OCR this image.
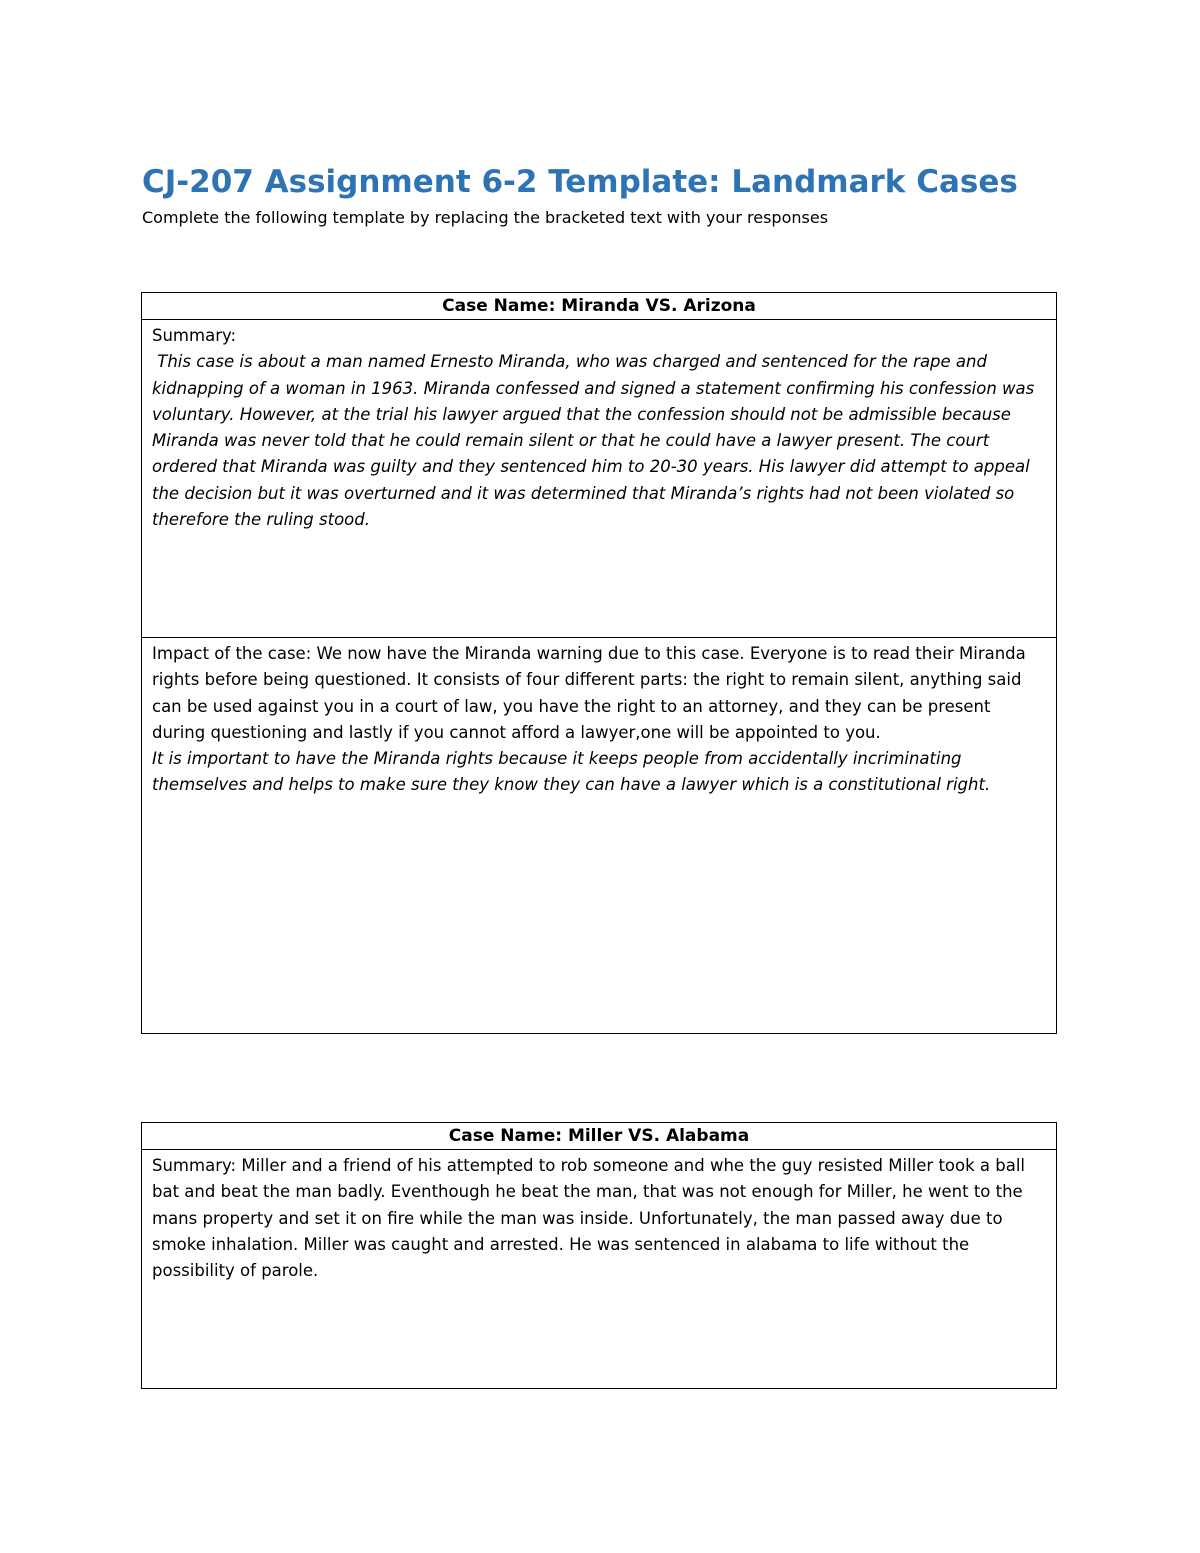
CJ-207 Assignment 6-2 Template: Landmark Cases

Complete the following template by replacing the bracketed text with your responses

Case Name: Miranda VS. Arizona

Summary:

This case is about a man named Ernesto Miranda, who was charged and sentenced for the rape and kidnapping of a woman in 1963. Miranda confessed and signed a statement confirming his confession was voluntary. However, at the trial his lawyer argued that the confession should not be admissible because Miranda was never told that he could remain silent or that he could have a lawyer present. The court ordered that Miranda was guilty and they sentenced him to 20-30 years. His lawyer did attempt to appeal the decision but it was overturned and it was determined that Miranda’s rights had not been violated so therefore the ruling stood.

Impact of the case: We now have the Miranda warning due to this case. Everyone is to read their Miranda rights before being questioned. It consists of four different parts: the right to remain silent, anything said can be used against you in a court of law, you have the right to an attorney, and they can be present during questioning and lastly if you cannot afford a lawyer,one will be appointed to you.

It is important to have the Miranda rights because it keeps people from accidentally incriminating themselves and helps to make sure they know they can have a lawyer which is a constitutional right.

Case Name: Miller VS. Alabama

Summary: Miller and a friend of his attempted to rob someone and whe the guy resisted Miller took a ball bat and beat the man badly. Eventhough he beat the man, that was not enough for Miller, he went to the mans property and set it on fire while the man was inside. Unfortunately, the man passed away due to smoke inhalation. Miller was caught and arrested. He was sentenced in alabama to life without the possibility of parole.
